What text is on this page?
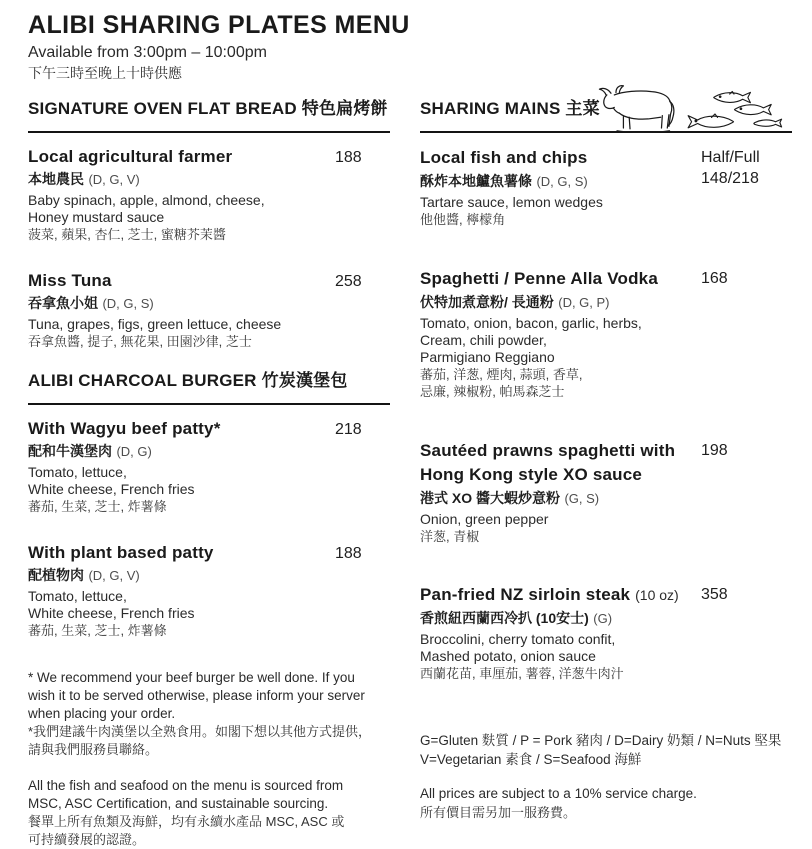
ALIBI SHARING PLATES MENU
Available from 3:00pm – 10:00pm
下午三時至晚上十時供應
SIGNATURE OVEN FLAT BREAD 特色扁烤餅
Local agricultural farmer	188
本地農民 (D, G, V)
Baby spinach, apple, almond, cheese,
Honey mustard sauce
菠菜, 蘋果, 杏仁, 芝士, 蜜糖芥茉醬
Miss Tuna	258
吞拿魚小姐 (D, G, S)
Tuna, grapes, figs, green lettuce, cheese
吞拿魚醬, 提子, 無花果, 田園沙律, 芝士
ALIBI CHARCOAL BURGER 竹炭漢堡包
With Wagyu beef patty*	218
配和牛漢堡肉 (D, G)
Tomato, lettuce,
White cheese, French fries
蕃茄, 生菜, 芝士, 炸薯條
With plant based patty	188
配植物肉 (D, G, V)
Tomato, lettuce,
White cheese, French fries
蕃茄, 生菜, 芝士, 炸薯條
* We recommend your beef burger be well done. If you
wish it to be served otherwise, please inform your server
when placing your order.
*我們建議牛肉漢堡以全熟食用。如閣下想以其他方式提供，
請與我們服務員聯絡。
All the fish and seafood on the menu is sourced from
MSC, ASC Certification, and sustainable sourcing.
餐單上所有魚類及海鮮，均有永續水產品 MSC, ASC 或
可持續發展的認證。
SHARING MAINS 主菜
Local fish and chips	Half/Full
148/218
酥炸本地鱸魚薯條 (D, G, S)
Tartare sauce, lemon wedges
他他醬, 檸檬角
Spaghetti / Penne Alla Vodka	168
伏特加煮意粉/ 長通粉 (D, G, P)
Tomato, onion, bacon, garlic, herbs,
Cream, chili powder,
Parmigiano Reggiano
蕃茄, 洋葱, 煙肉, 蒜頭, 香草,
忌廉, 辣椒粉, 帕馬森芝士
Sautéed prawns spaghetti with
Hong Kong style XO sauce
198
港式 XO 醬大蝦炒意粉 (G, S)
Onion, green pepper
洋葱, 青椒
Pan-fried NZ sirloin steak (10 oz)	358
香煎紐西蘭西冷扒 (10安士) (G)
Broccolini, cherry tomato confit,
Mashed potato, onion sauce
西蘭花苗, 車厘茄, 薯蓉, 洋葱牛肉汁
G=Gluten 麩質 / P = Pork 豬肉 / D=Dairy 奶類 / N=Nuts 堅果
V=Vegetarian 素食 / S=Seafood 海鮮
All prices are subject to a 10% service charge.
所有價目需另加一服務費。
